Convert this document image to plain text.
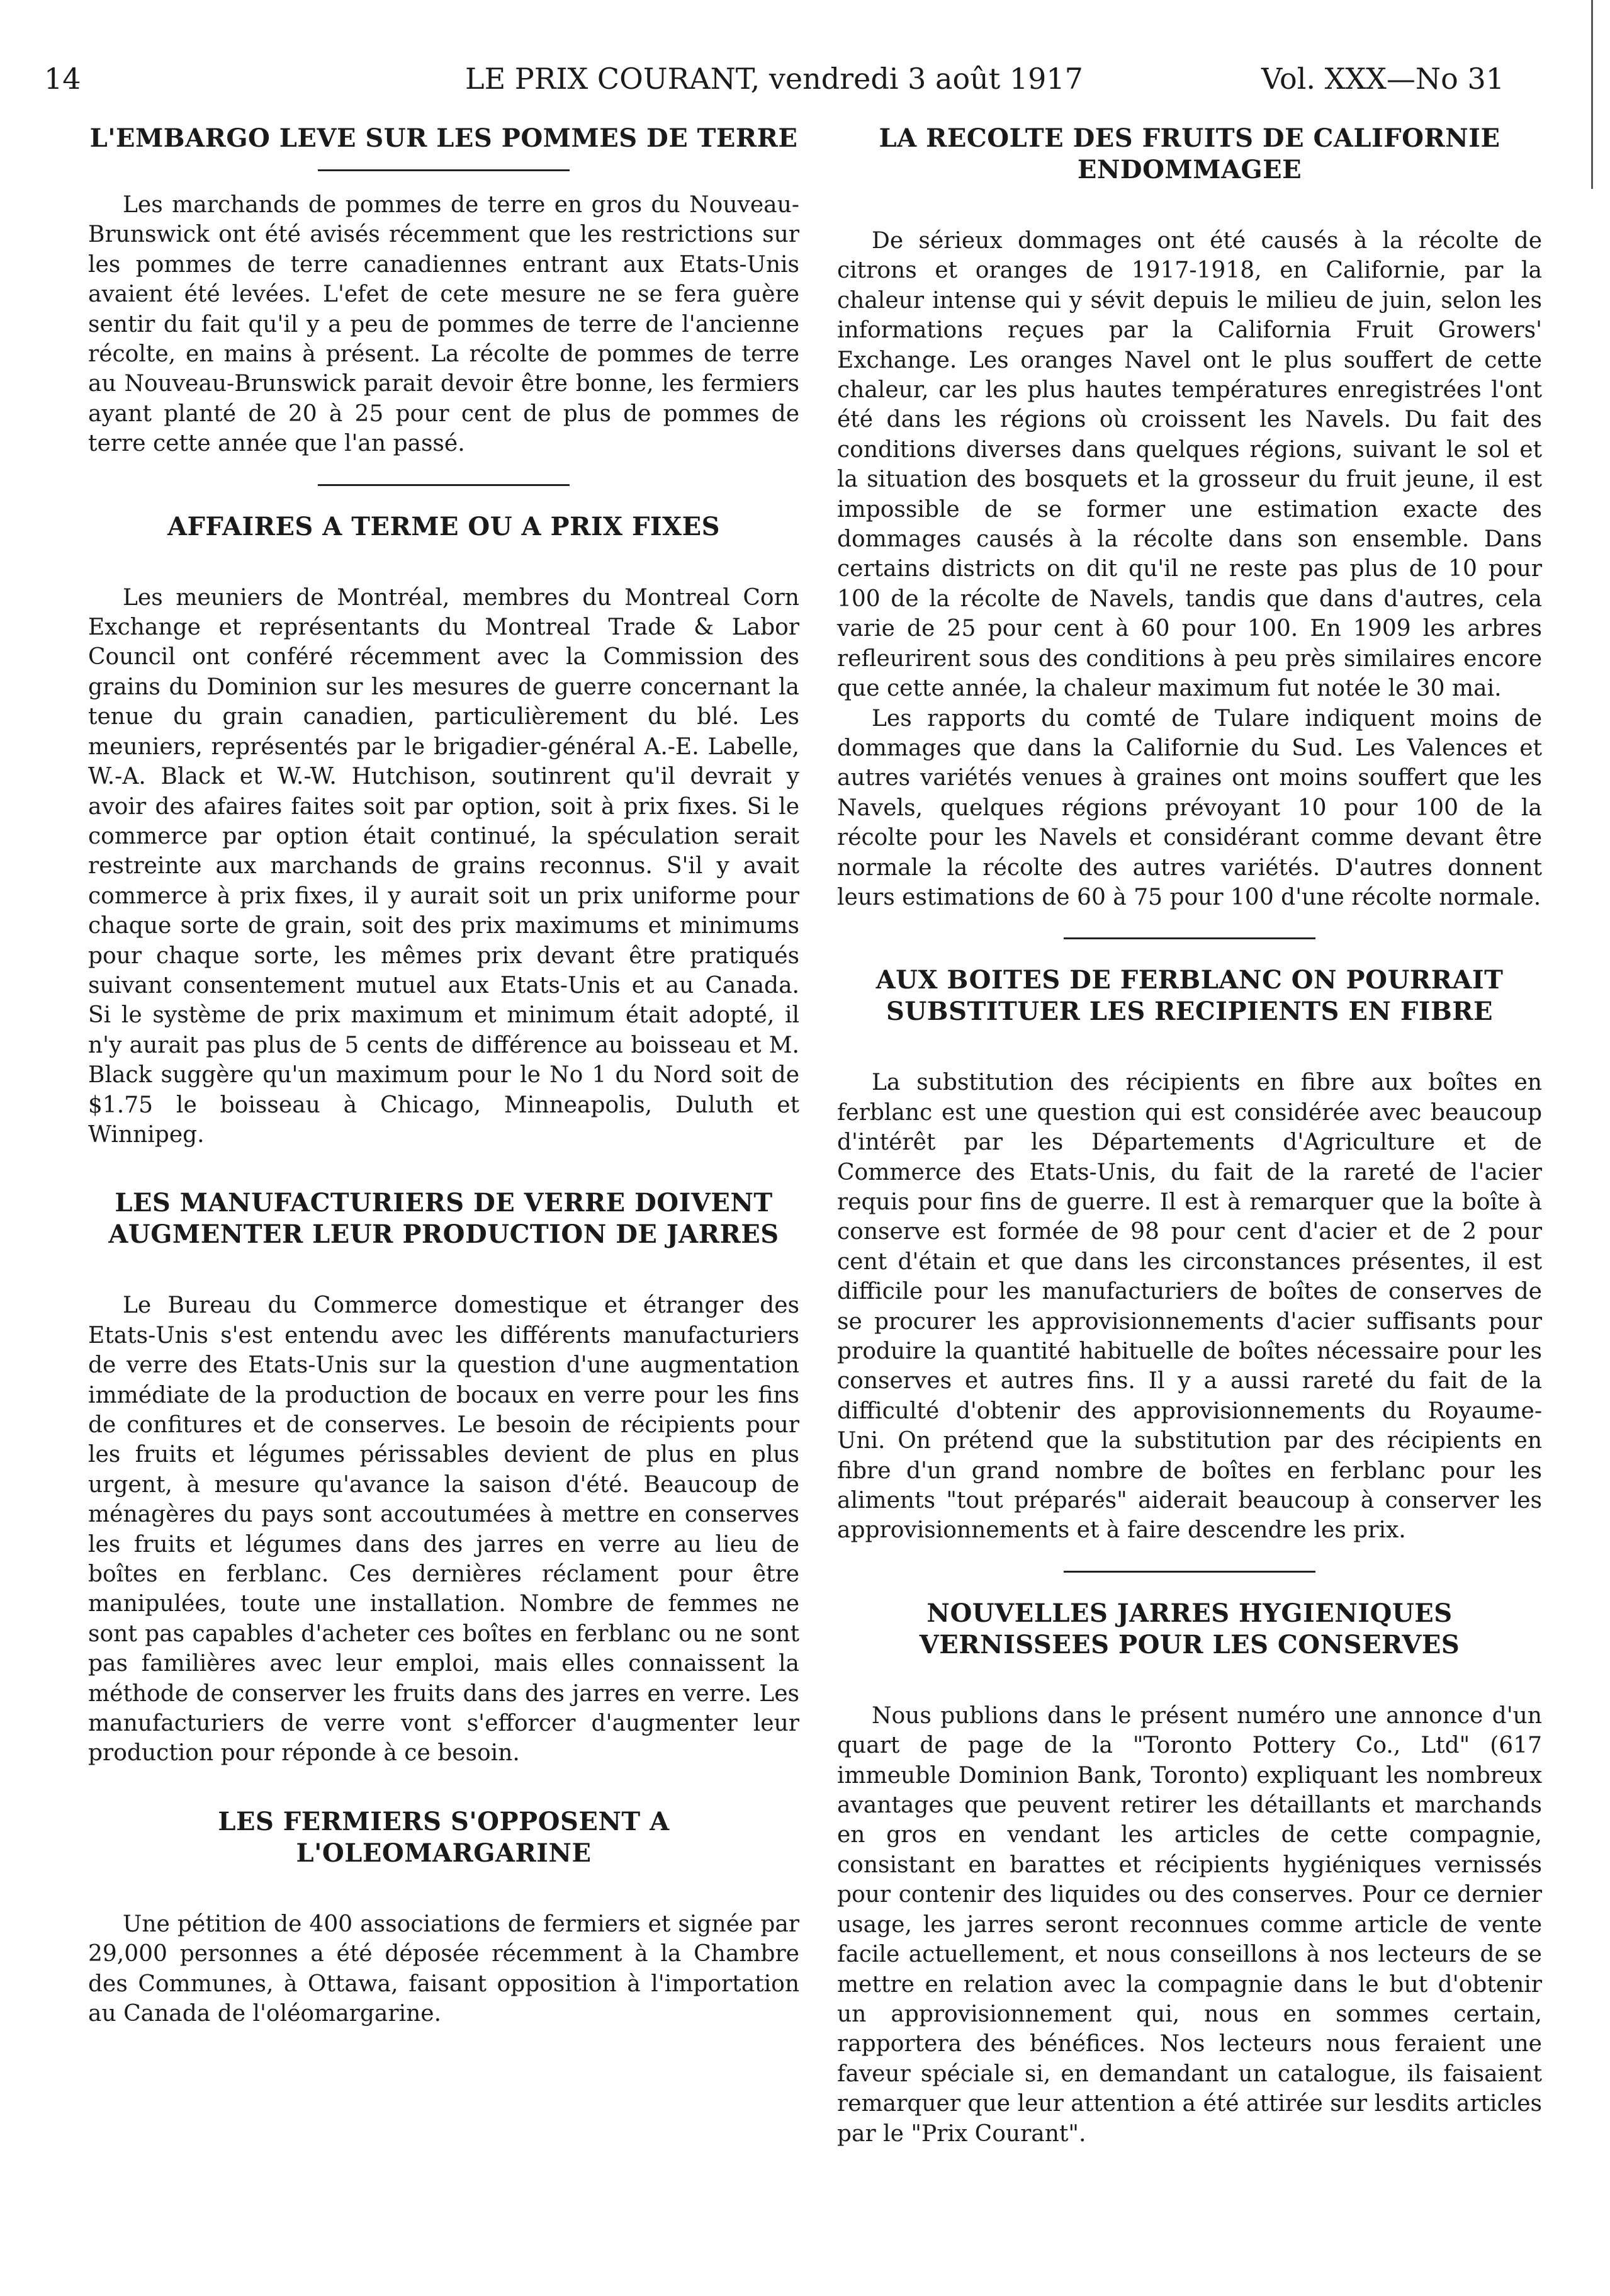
14	LE PRIX COURANT, vendredi 3 août 1917	Vol. XXX—No 31
L'EMBARGO LEVE SUR LES POMMES DE TERRE

Les marchands de pommes de terre en gros du Nouveau-Brunswick ont été avisés récemment que les restrictions sur les pommes de terre canadiennes entrant aux Etats-Unis avaient été levées. L'efet de cete mesure ne se fera guère sentir du fait qu'il y a peu de pommes de terre de l'ancienne récolte, en mains à présent. La récolte de pommes de terre au Nouveau-Brunswick parait devoir être bonne, les fermiers ayant planté de 20 à 25 pour cent de plus de pommes de terre cette année que l'an passé.

AFFAIRES A TERME OU A PRIX FIXES

Les meuniers de Montréal, membres du Montreal Corn Exchange et représentants du Montreal Trade & Labor Council ont conféré récemment avec la Commission des grains du Dominion sur les mesures de guerre concernant la tenue du grain canadien, particulièrement du blé. Les meuniers, représentés par le brigadier-général A.-E. Labelle, W.-A. Black et W.-W. Hutchison, soutinrent qu'il devrait y avoir des afaires faites soit par option, soit à prix fixes. Si le commerce par option était continué, la spéculation serait restreinte aux marchands de grains reconnus. S'il y avait commerce à prix fixes, il y aurait soit un prix uniforme pour chaque sorte de grain, soit des prix maximums et minimums pour chaque sorte, les mêmes prix devant être pratiqués suivant consentement mutuel aux Etats-Unis et au Canada. Si le système de prix maximum et minimum était adopté, il n'y aurait pas plus de 5 cents de différence au boisseau et M. Black suggère qu'un maximum pour le No 1 du Nord soit de $1.75 le boisseau à Chicago, Minneapolis, Duluth et Winnipeg.

LES MANUFACTURIERS DE VERRE DOIVENT AUGMENTER LEUR PRODUCTION DE JARRES

Le Bureau du Commerce domestique et étranger des Etats-Unis s'est entendu avec les différents manufacturiers de verre des Etats-Unis sur la question d'une augmentation immédiate de la production de bocaux en verre pour les fins de confitures et de conserves. Le besoin de récipients pour les fruits et légumes périssables devient de plus en plus urgent, à mesure qu'avance la saison d'été. Beaucoup de ménagères du pays sont accoutumées à mettre en conserves les fruits et légumes dans des jarres en verre au lieu de boîtes en ferblanc. Ces dernières réclament pour être manipulées, toute une installation. Nombre de femmes ne sont pas capables d'acheter ces boîtes en ferblanc ou ne sont pas familières avec leur emploi, mais elles connaissent la méthode de conserver les fruits dans des jarres en verre. Les manufacturiers de verre vont s'efforcer d'augmenter leur production pour réponde à ce besoin.

LES FERMIERS S'OPPOSENT A L'OLEOMARGARINE

Une pétition de 400 associations de fermiers et signée par 29,000 personnes a été déposée récemment à la Chambre des Communes, à Ottawa, faisant opposition à l'importation au Canada de l'oléomargarine.

LA RECOLTE DES FRUITS DE CALIFORNIE ENDOMMAGEE

De sérieux dommages ont été causés à la récolte de citrons et oranges de 1917-1918, en Californie, par la chaleur intense qui y sévit depuis le milieu de juin, selon les informations reçues par la California Fruit Growers' Exchange. Les oranges Navel ont le plus souffert de cette chaleur, car les plus hautes températures enregistrées l'ont été dans les régions où croissent les Navels. Du fait des conditions diverses dans quelques régions, suivant le sol et la situation des bosquets et la grosseur du fruit jeune, il est impossible de se former une estimation exacte des dommages causés à la récolte dans son ensemble. Dans certains districts on dit qu'il ne reste pas plus de 10 pour 100 de la récolte de Navels, tandis que dans d'autres, cela varie de 25 pour cent à 60 pour 100. En 1909 les arbres refleurirent sous des conditions à peu près similaires encore que cette année, la chaleur maximum fut notée le 30 mai.

Les rapports du comté de Tulare indiquent moins de dommages que dans la Californie du Sud. Les Valences et autres variétés venues à graines ont moins souffert que les Navels, quelques régions prévoyant 10 pour 100 de la récolte pour les Navels et considérant comme devant être normale la récolte des autres variétés. D'autres donnent leurs estimations de 60 à 75 pour 100 d'une récolte normale.

AUX BOITES DE FERBLANC ON POURRAIT SUBSTITUER LES RECIPIENTS EN FIBRE

La substitution des récipients en fibre aux boîtes en ferblanc est une question qui est considérée avec beaucoup d'intérêt par les Départements d'Agriculture et de Commerce des Etats-Unis, du fait de la rareté de l'acier requis pour fins de guerre. Il est à remarquer que la boîte à conserve est formée de 98 pour cent d'acier et de 2 pour cent d'étain et que dans les circonstances présentes, il est difficile pour les manufacturiers de boîtes de conserves de se procurer les approvisionnements d'acier suffisants pour produire la quantité habituelle de boîtes nécessaire pour les conserves et autres fins. Il y a aussi rareté du fait de la difficulté d'obtenir des approvisionnements du Royaume-Uni. On prétend que la substitution par des récipients en fibre d'un grand nombre de boîtes en ferblanc pour les aliments "tout préparés" aiderait beaucoup à conserver les approvisionnements et à faire descendre les prix.

NOUVELLES JARRES HYGIENIQUES VERNISSEES POUR LES CONSERVES

Nous publions dans le présent numéro une annonce d'un quart de page de la "Toronto Pottery Co., Ltd" (617 immeuble Dominion Bank, Toronto) expliquant les nombreux avantages que peuvent retirer les détaillants et marchands en gros en vendant les articles de cette compagnie, consistant en barattes et récipients hygiéniques vernissés pour contenir des liquides ou des conserves. Pour ce dernier usage, les jarres seront reconnues comme article de vente facile actuellement, et nous conseillons à nos lecteurs de se mettre en relation avec la compagnie dans le but d'obtenir un approvisionnement qui, nous en sommes certain, rapportera des bénéfices. Nos lecteurs nous feraient une faveur spéciale si, en demandant un catalogue, ils faisaient remarquer que leur attention a été attirée sur lesdits articles par le "Prix Courant".
